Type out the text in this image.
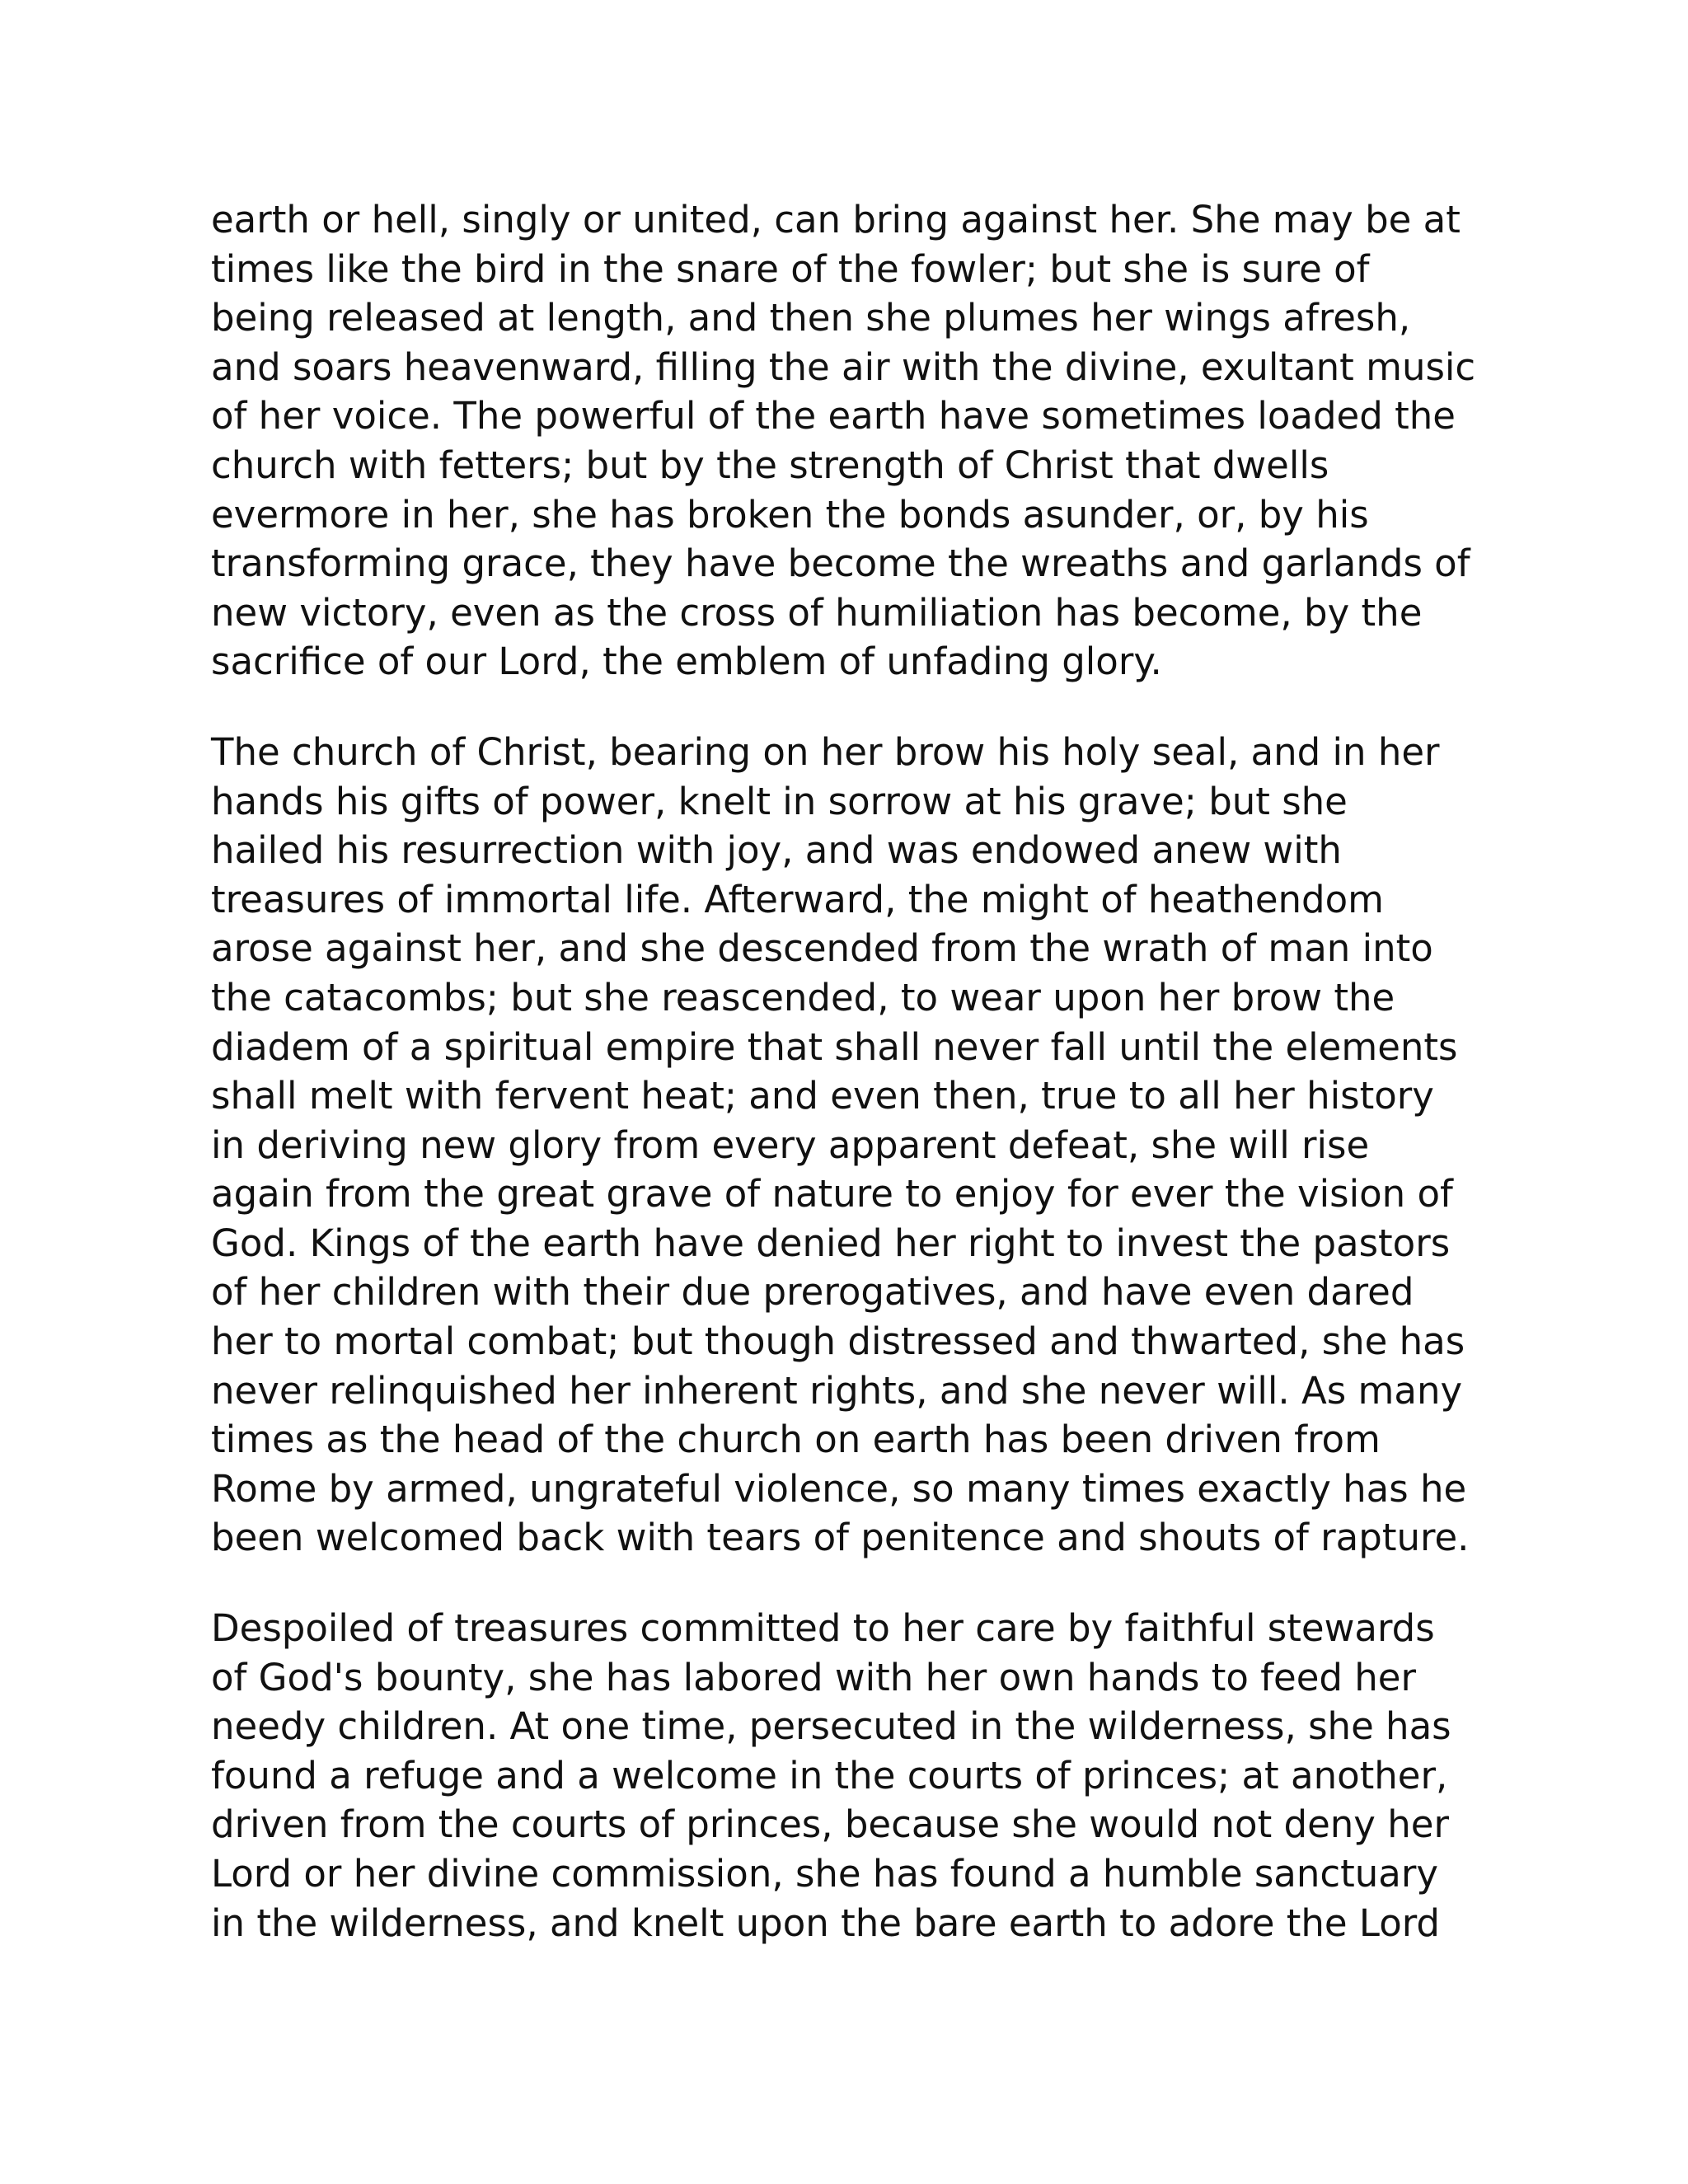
earth or hell, singly or united, can bring against her. She may be at
times like the bird in the snare of the fowler; but she is sure of
being released at length, and then she plumes her wings afresh,
and soars heavenward, filling the air with the divine, exultant music
of her voice. The powerful of the earth have sometimes loaded the
church with fetters; but by the strength of Christ that dwells
evermore in her, she has broken the bonds asunder, or, by his
transforming grace, they have become the wreaths and garlands of
new victory, even as the cross of humiliation has become, by the
sacrifice of our Lord, the emblem of unfading glory.
The church of Christ, bearing on her brow his holy seal, and in her
hands his gifts of power, knelt in sorrow at his grave; but she
hailed his resurrection with joy, and was endowed anew with
treasures of immortal life. Afterward, the might of heathendom
arose against her, and she descended from the wrath of man into
the catacombs; but she reascended, to wear upon her brow the
diadem of a spiritual empire that shall never fall until the elements
shall melt with fervent heat; and even then, true to all her history
in deriving new glory from every apparent defeat, she will rise
again from the great grave of nature to enjoy for ever the vision of
God. Kings of the earth have denied her right to invest the pastors
of her children with their due prerogatives, and have even dared
her to mortal combat; but though distressed and thwarted, she has
never relinquished her inherent rights, and she never will. As many
times as the head of the church on earth has been driven from
Rome by armed, ungrateful violence, so many times exactly has he
been welcomed back with tears of penitence and shouts of rapture.
Despoiled of treasures committed to her care by faithful stewards
of God's bounty, she has labored with her own hands to feed her
needy children. At one time, persecuted in the wilderness, she has
found a refuge and a welcome in the courts of princes; at another,
driven from the courts of princes, because she would not deny her
Lord or her divine commission, she has found a humble sanctuary
in the wilderness, and knelt upon the bare earth to adore the Lord
